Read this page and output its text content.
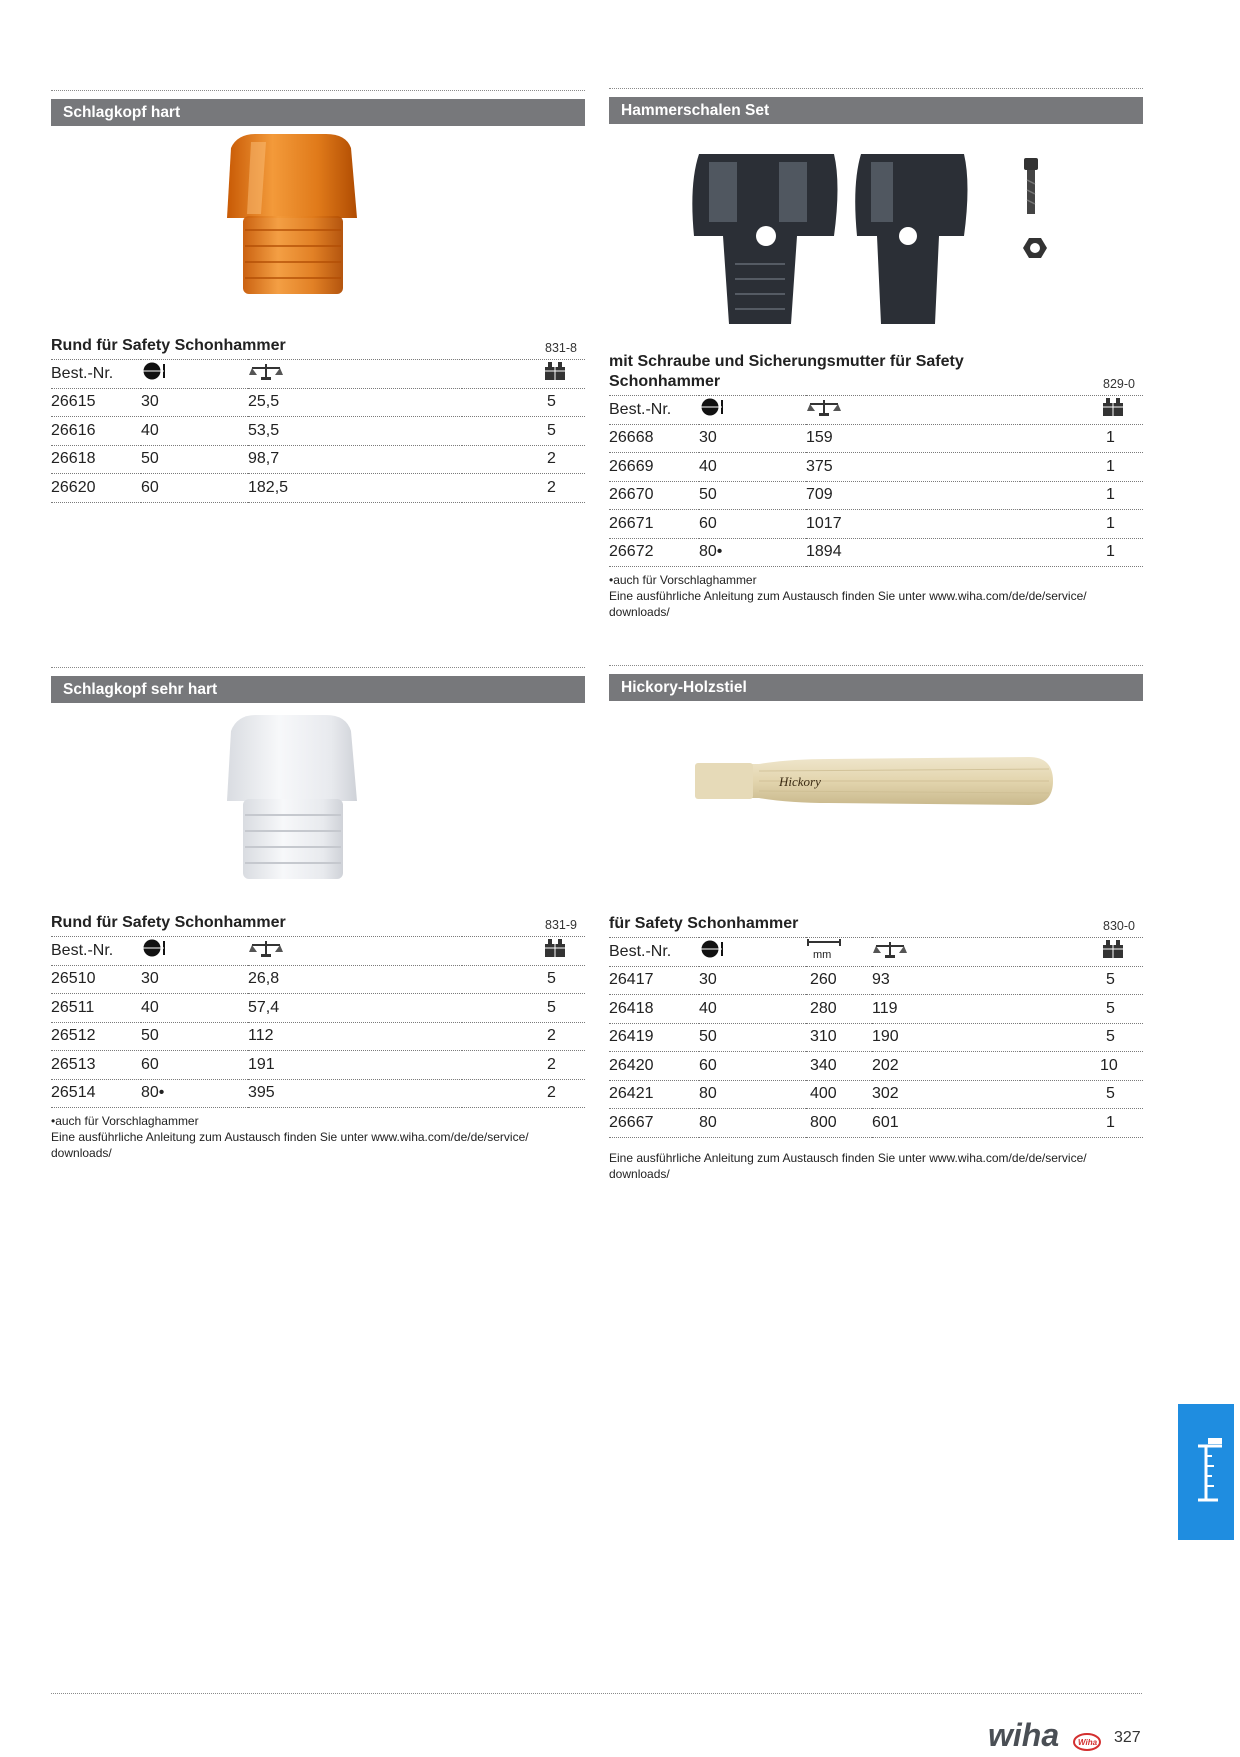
Schlagkopf hart
Rund für Safety Schonhammer	831-8
Best.-Nr.			
26615	30	25,5	5
26616	40	53,5	5
26618	50	98,7	2
26620	60	182,5	2
Hammerschalen Set
mit Schraube und Sicherungsmutter für Safety Schonhammer	829-0
Best.-Nr.			
26668	30	159	1
26669	40	375	1
26670	50	709	1
26671	60	1017	1
26672	80•	1894	1
•auch für Vorschlaghammer
Eine ausführliche Anleitung zum Austausch finden Sie unter www.wiha.com/de/de/service/
downloads/
Schlagkopf sehr hart
Rund für Safety Schonhammer	831-9
Best.-Nr.			
26510	30	26,8	5
26511	40	57,4	5
26512	50	112	2
26513	60	191	2
26514	80•	395	2
•auch für Vorschlaghammer
Eine ausführliche Anleitung zum Austausch finden Sie unter www.wiha.com/de/de/service/
downloads/
Hickory-Holzstiel
Hickory
für Safety Schonhammer	830-0
Best.-Nr.		mm

26417	30	260	93	5
26418	40	280	119	5
26419	50	310	190	5
26420	60	340	202	10
26421	80	400	302	5
26667	80	800	601	1
Eine ausführliche Anleitung zum Austausch finden Sie unter www.wiha.com/de/de/service/
downloads/
wiha Wiha 327
